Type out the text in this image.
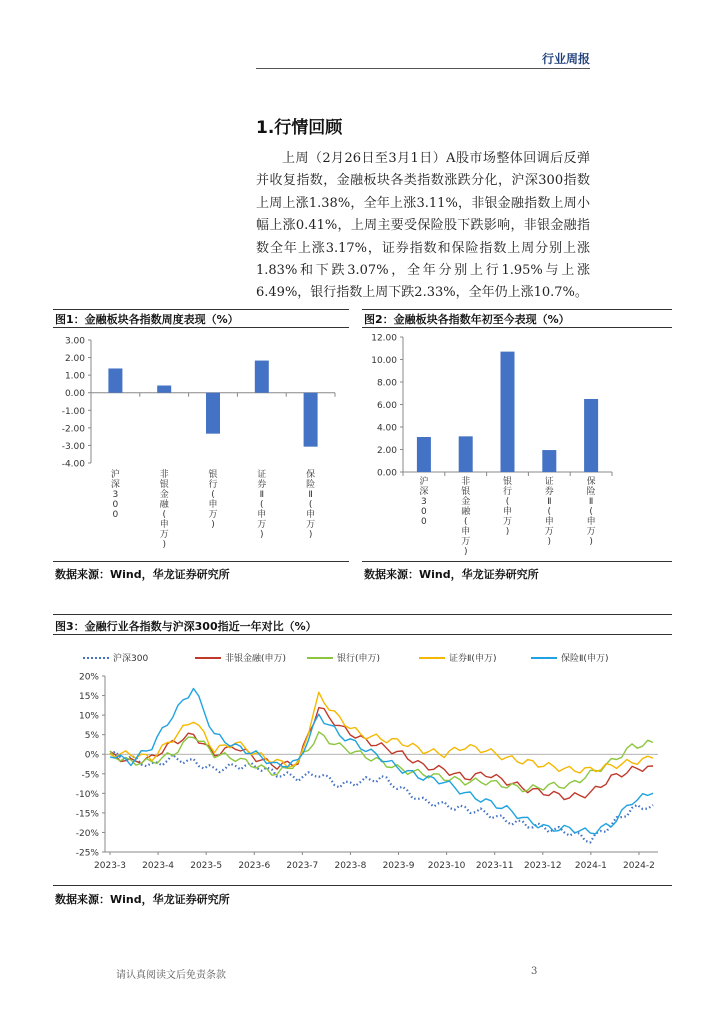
行业周报
1.行情回顾

上周（2月26日至3月1日）A股市场整体回调后反弹并收复指数，金融板块各类指数涨跌分化，沪深300指数上周上涨1.38%，全年上涨3.11%，非银金融指数上周小幅上涨0.41%，上周主要受保险股下跌影响，非银金融指数全年上涨3.17%，证券指数和保险指数上周分别上涨1.83%和下跌3.07%，全年分别上行1.95%与上涨6.49%，银行指数上周下跌2.33%，全年仍上涨10.7%。

图1：金融板块各指数周度表现（%）
3.00
2.00
1.00
0.00
-1.00
-2.00
-3.00
-4.00
沪深 3 0 0
非银金融(申万)
银行(申万)
证券 Ⅱ (申万)
保险 Ⅱ (申万)
数据来源：Wind，华龙证券研究所
图2：金融板块各指数年初至今表现（%）
12.00
10.00
8.00
6.00
4.00
2.00
0.00
沪深 3 0 0
非银金融(申万)
银行(申万)
证券 Ⅱ (申万)
保险 Ⅱ (申万)
数据来源：Wind，华龙证券研究所
图3：金融行业各指数与沪深300指近一年对比（%）
沪深300	非银金融(申万)	银行(申万)	证券Ⅱ(申万)	保险Ⅱ(申万)
20%
15%
10%
5%
0%
-5%
-10%
-15%
-20%
-25%
2023-3 2023-4 2023-5 2023-6 2023-7 2023-8 2023-9 2023-10 2023-11 2023-12 2024-1 2024-2
数据来源：Wind，华龙证券研究所
请认真阅读文后免责条款	3
